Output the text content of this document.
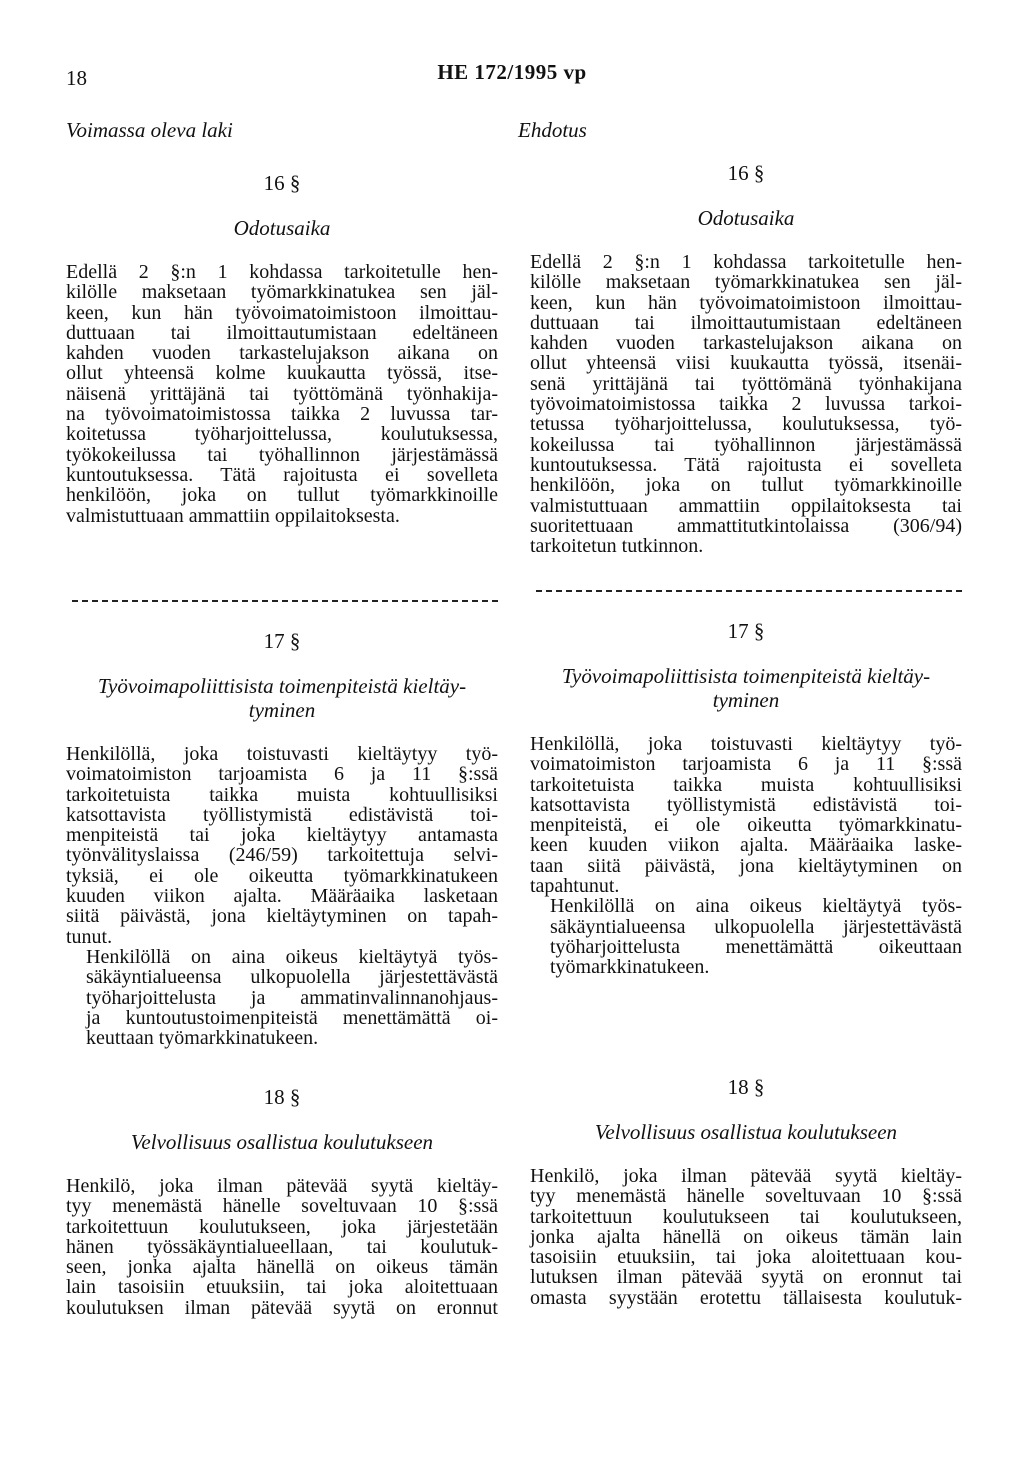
18	HE 172/1995 vp
Voimassa oleva laki
16 §
Odotusaika
Edellä 2 §:n 1 kohdassa tarkoitetulle hen-
kilölle maksetaan työmarkkinatukea sen jäl-
keen, kun hän työvoimatoimistoon ilmoittau-
duttuaan tai ilmoittautumistaan edeltäneen
kahden vuoden tarkastelujakson aikana on
ollut yhteensä kolme kuukautta työssä, itse-
näisenä yrittäjänä tai työttömänä työnhakija-
na työvoimatoimistossa taikka 2 luvussa tar-
koitetussa työharjoittelussa, koulutuksessa,
työkokeilussa tai työhallinnon järjestämässä
kuntoutuksessa. Tätä rajoitusta ei sovelleta
henkilöön, joka on tullut työmarkkinoille
valmistuttuaan ammattiin oppilaitoksesta.
17 §
Työvoimapoliittisista toimenpiteistä kieltäy-
tyminen
Henkilöllä, joka toistuvasti kieltäytyy työ-
voimatoimiston tarjoamista 6 ja 11 §:ssä
tarkoitetuista taikka muista kohtuullisiksi
katsottavista työllistymistä edistävistä toi-
menpiteistä tai joka kieltäytyy antamasta
työnvälityslaissa (246/59) tarkoitettuja selvi-
tyksiä, ei ole oikeutta työmarkkinatukeen
kuuden viikon ajalta. Määräaika lasketaan
siitä päivästä, jona kieltäytyminen on tapah-
tunut.
Henkilöllä on aina oikeus kieltäytyä työs-
säkäyntialueensa ulkopuolella järjestettävästä
työharjoittelusta ja ammatinvalinnanohjaus-
ja kuntoutustoimenpiteistä menettämättä oi-
keuttaan työmarkkinatukeen.
18 §
Velvollisuus osallistua koulutukseen
Henkilö, joka ilman pätevää syytä kieltäy-
tyy menemästä hänelle soveltuvaan 10 §:ssä
tarkoitettuun koulutukseen, joka järjestetään
hänen työssäkäyntialueellaan, tai koulutuk-
seen, jonka ajalta hänellä on oikeus tämän
lain tasoisiin etuuksiin, tai joka aloitettuaan
koulutuksen ilman pätevää syytä on eronnut
Ehdotus
16 §
Odotusaika
Edellä 2 §:n 1 kohdassa tarkoitetulle hen-
kilölle maksetaan työmarkkinatukea sen jäl-
keen, kun hän työvoimatoimistoon ilmoittau-
duttuaan tai ilmoittautumistaan edeltäneen
kahden vuoden tarkastelujakson aikana on
ollut yhteensä viisi kuukautta työssä, itsenäi-
senä yrittäjänä tai työttömänä työnhakijana
työvoimatoimistossa taikka 2 luvussa tarkoi-
tetussa työharjoittelussa, koulutuksessa, työ-
kokeilussa tai työhallinnon järjestämässä
kuntoutuksessa. Tätä rajoitusta ei sovelleta
henkilöön, joka on tullut työmarkkinoille
valmistuttuaan ammattiin oppilaitoksesta tai
suoritettuaan ammattitutkintolaissa (306/94)
tarkoitetun tutkinnon.
17 §
Työvoimapoliittisista toimenpiteistä kieltäy-
tyminen
Henkilöllä, joka toistuvasti kieltäytyy työ-
voimatoimiston tarjoamista 6 ja 11 §:ssä
tarkoitetuista taikka muista kohtuullisiksi
katsottavista työllistymistä edistävistä toi-
menpiteistä, ei ole oikeutta työmarkkinatu-
keen kuuden viikon ajalta. Määräaika laske-
taan siitä päivästä, jona kieltäytyminen on
tapahtunut.
Henkilöllä on aina oikeus kieltäytyä työs-
säkäyntialueensa ulkopuolella järjestettävästä
työharjoittelusta menettämättä oikeuttaan
työmarkkinatukeen.
18 §
Velvollisuus osallistua koulutukseen
Henkilö, joka ilman pätevää syytä kieltäy-
tyy menemästä hänelle soveltuvaan 10 §:ssä
tarkoitettuun koulutukseen tai koulutukseen,
jonka ajalta hänellä on oikeus tämän lain
tasoisiin etuuksiin, tai joka aloitettuaan kou-
lutuksen ilman pätevää syytä on eronnut tai
omasta syystään erotettu tällaisesta koulutuk-
